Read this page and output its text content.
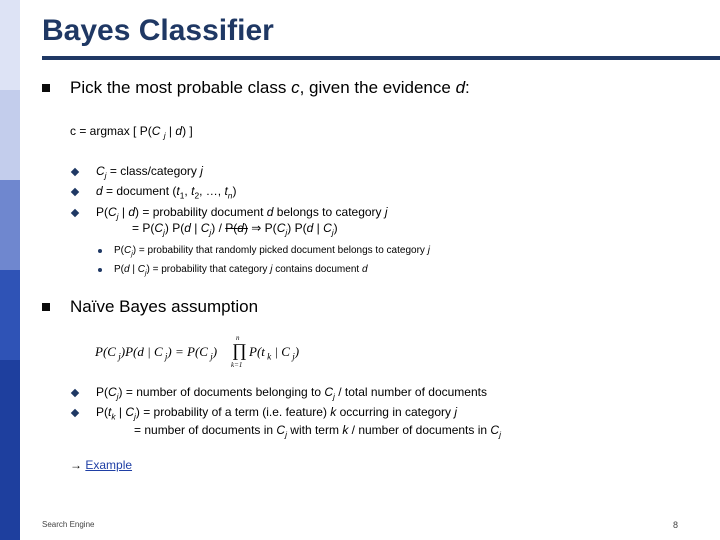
Bayes Classifier
Pick the most probable class c, given the evidence d:
c = argmax [ P(C $_j$ | d) ]
$C_j$ = class/category j
d = document ($t_1$, $t_2$, …, $t_n$)
$P(C_j$ | d) = probability document d belongs to category j
= $P(C_j)$ P(d | $C_j) / P(d)$ ⇒ $P(C_j)$ P(d | $C_j$)
$P(C_j)$ = probability that randomly picked document belongs to category j
P(d | $C_j$) = probability that category j contains document d
Naïve Bayes assumption
P(C $_j$)P(d | C $_j$) = P(C $_j$)
n
∏
k=1
P(t $_k$ | C $_j$)
$P(C_j)$ = number of documents belonging to $C_j$ / total number of documents
$P(t_k$ | $C_j$) = probability of a term (i.e. feature) k occurring in category j
= number of documents in $C_j$ with term k / number of documents in $C_j$
→ Example
Search Engine	8
